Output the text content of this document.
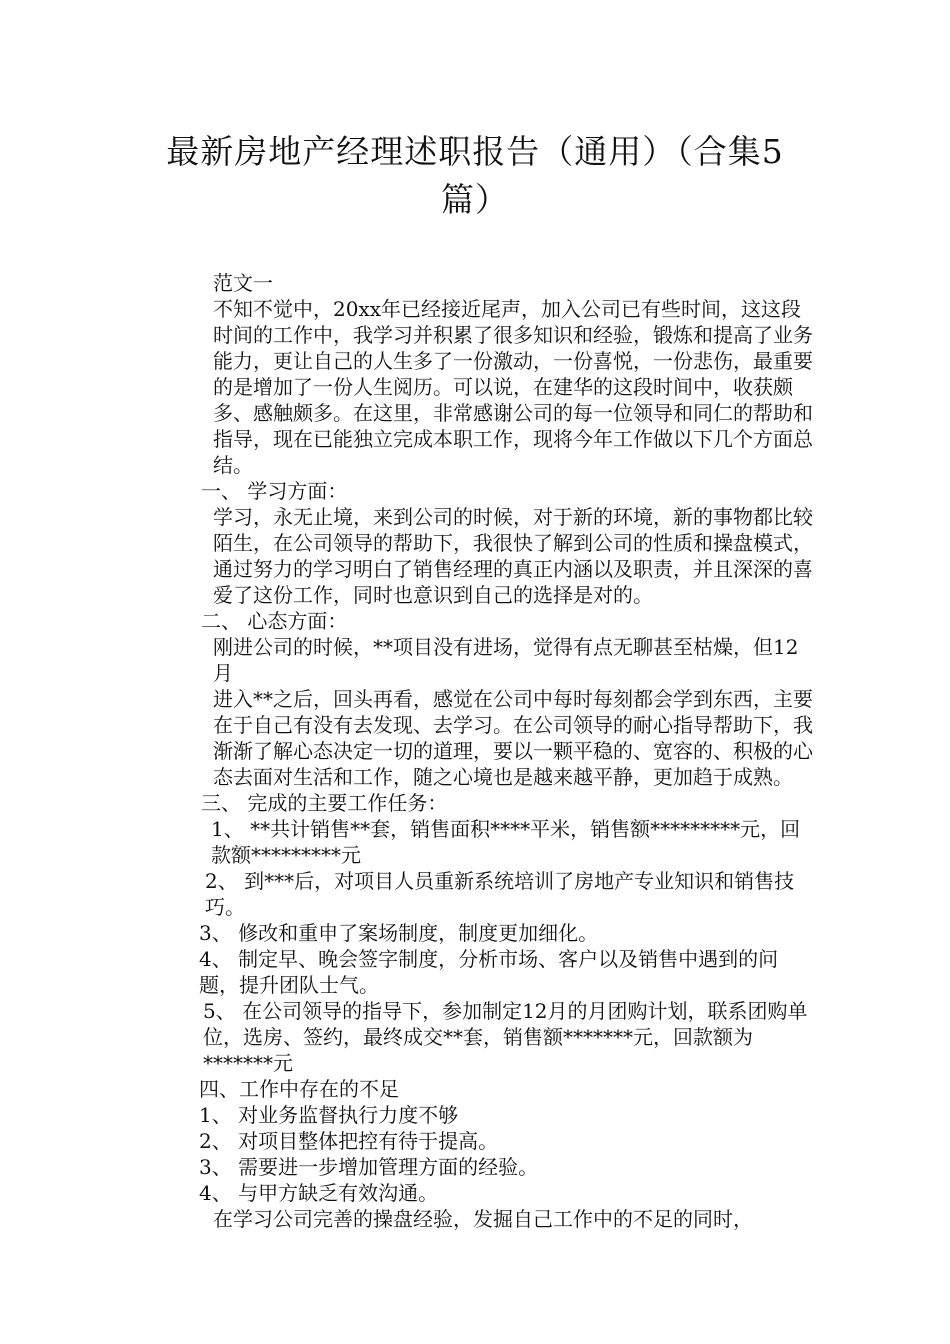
最新房地产经理述职报告（通用）（合集5
篇）

范文一

不知不觉中，20xx年已经接近尾声，加入公司已有些时间，这这段时间的工作中，我学习并积累了很多知识和经验，锻炼和提高了业务能力，更让自己的人生多了一份激动，一份喜悦，一份悲伤，最重要的是增加了一份人生阅历。可以说，在建华的这段时间中，收获颇多、感触颇多。在这里，非常感谢公司的每一位领导和同仁的帮助和指导，现在已能独立完成本职工作，现将今年工作做以下几个方面总结。

一、 学习方面：

学习，永无止境，来到公司的时候，对于新的环境，新的事物都比较陌生，在公司领导的帮助下，我很快了解到公司的性质和操盘模式，通过努力的学习明白了销售经理的真正内涵以及职责，并且深深的喜爱了这份工作，同时也意识到自己的选择是对的。

二、 心态方面：

刚进公司的时候，**项目没有进场，觉得有点无聊甚至枯燥，但12月

进入**之后，回头再看，感觉在公司中每时每刻都会学到东西，主要在于自己有没有去发现、去学习。在公司领导的耐心指导帮助下，我渐渐了解心态决定一切的道理，要以一颗平稳的、宽容的、积极的心态去面对生活和工作，随之心境也是越来越平静，更加趋于成熟。

三、 完成的主要工作任务：

1、 **共计销售**套，销售面积****平米，销售额*********元，回款额*********元

2、 到***后，对项目人员重新系统培训了房地产专业知识和销售技巧。

3、 修改和重申了案场制度，制度更加细化。

4、 制定早、晚会签字制度，分析市场、客户以及销售中遇到的问题，提升团队士气。

5、 在公司领导的指导下，参加制定12月的月团购计划，联系团购单位，选房、签约，最终成交**套，销售额*******元，回款额为*******元

四、工作中存在的不足

1、 对业务监督执行力度不够

2、 对项目整体把控有待于提高。

3、 需要进一步增加管理方面的经验。

4、 与甲方缺乏有效沟通。

在学习公司完善的操盘经验，发掘自己工作中的不足的同时，
